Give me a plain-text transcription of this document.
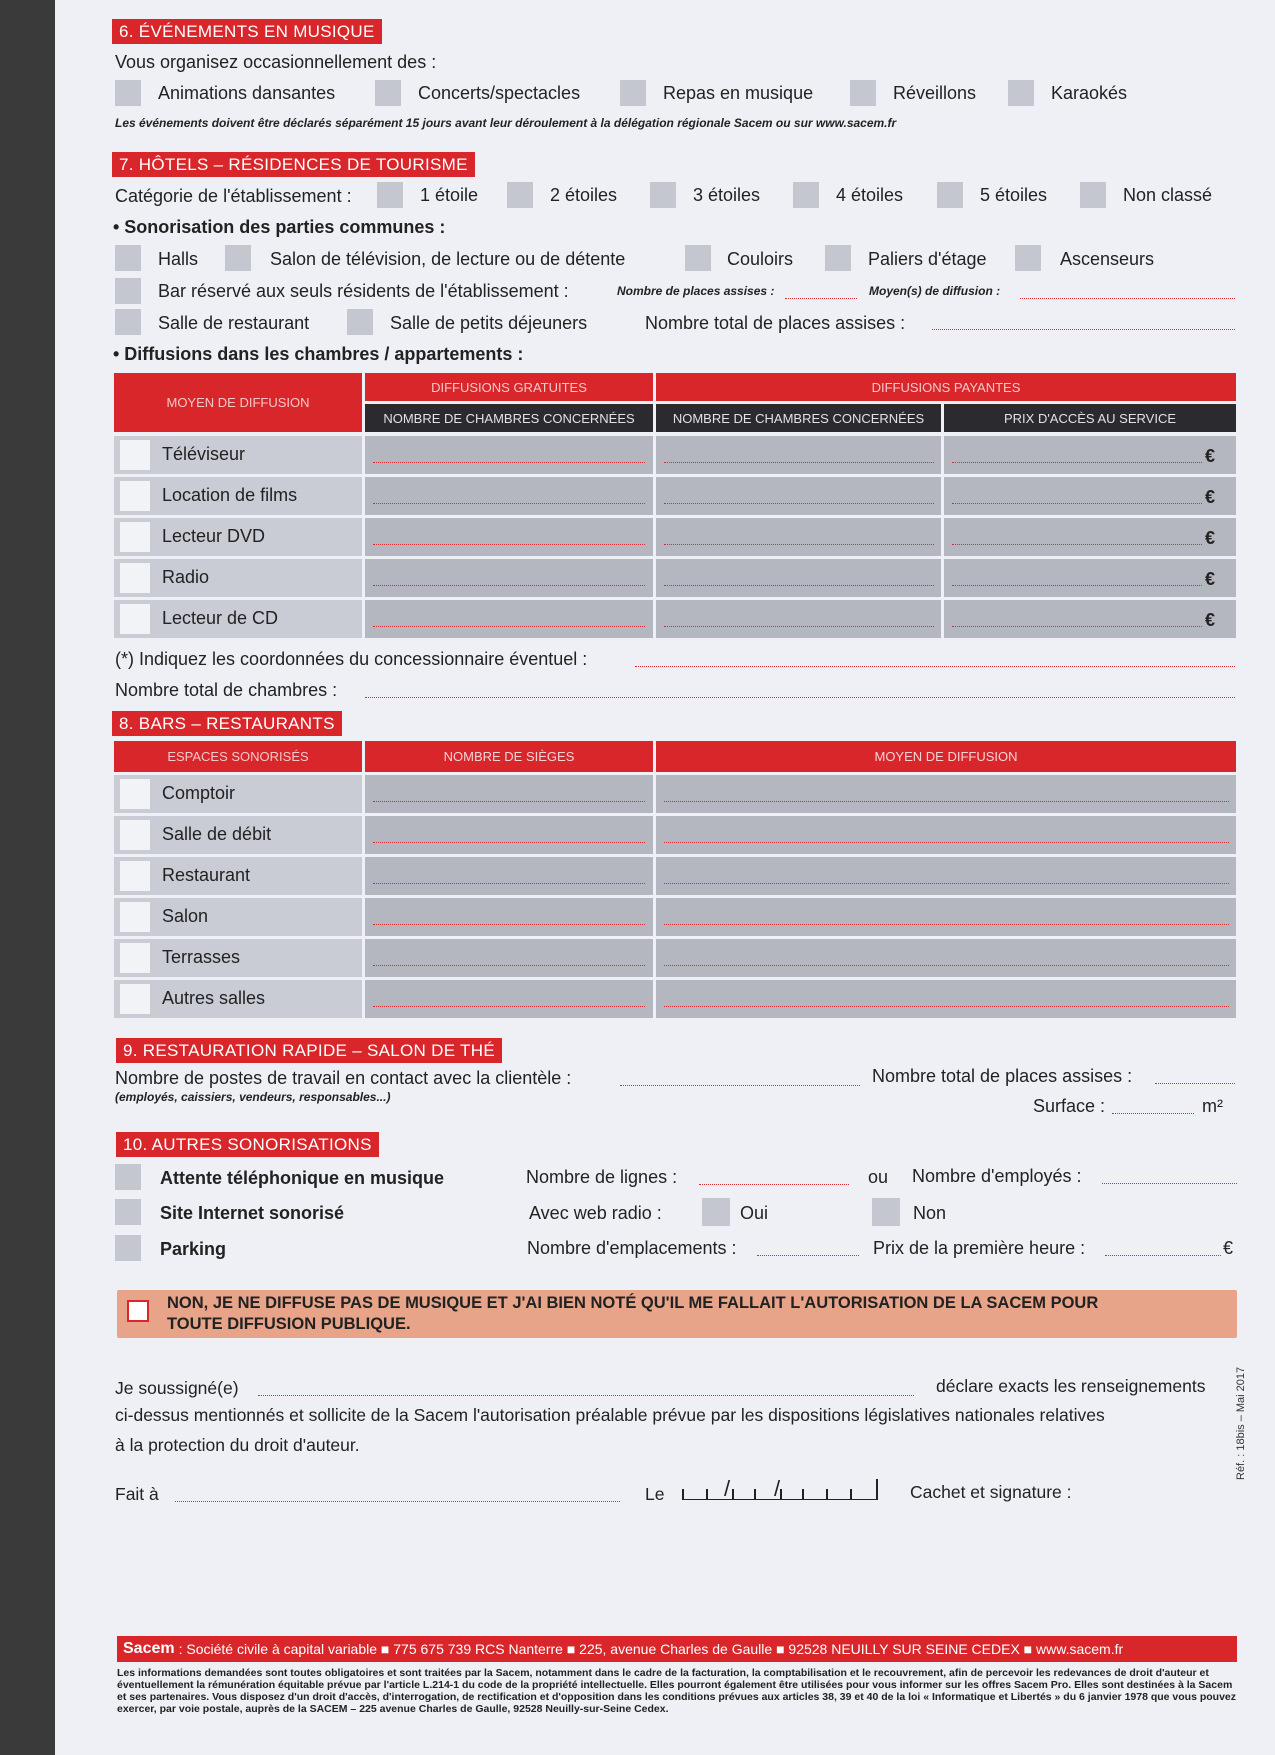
6. ÉVÉNEMENTS EN MUSIQUE
Vous organisez occasionnellement des :
Animations dansantes	Concerts/spectacles	Repas en musique	Réveillons	Karaokés
Les événements doivent être déclarés séparément 15 jours avant leur déroulement à la délégation régionale Sacem ou sur www.sacem.fr
7. HÔTELS – RÉSIDENCES DE TOURISME
Catégorie de l'établissement :	1 étoile	2 étoiles	3 étoiles	4 étoiles	5 étoiles	Non classé
• Sonorisation des parties communes :
Halls	Salon de télévision, de lecture ou de détente	Couloirs	Paliers d'étage	Ascenseurs
Bar réservé aux seuls résidents de l'établissement :	Nombre de places assises :	Moyen(s) de diffusion :
Salle de restaurant	Salle de petits déjeuners	Nombre total de places assises :
• Diffusions dans les chambres / appartements :
MOYEN DE DIFFUSION
DIFFUSIONS GRATUITES	DIFFUSIONS PAYANTES
NOMBRE DE CHAMBRES CONCERNÉES	NOMBRE DE CHAMBRES CONCERNÉES	PRIX D'ACCÈS AU SERVICE
Téléviseur	€
Location de films	€
Lecteur DVD	€
Radio	€
Lecteur de CD	€
(*) Indiquez les coordonnées du concessionnaire éventuel :
Nombre total de chambres :
8. BARS – RESTAURANTS
ESPACES SONORISÉS	NOMBRE DE SIÈGES	MOYEN DE DIFFUSION
Comptoir
Salle de débit
Restaurant
Salon
Terrasses
Autres salles
9. RESTAURATION RAPIDE – SALON DE THÉ
Nombre de postes de travail en contact avec la clientèle :
(employés, caissiers, vendeurs, responsables...)
Nombre total de places assises :
Surface :	m²
10. AUTRES SONORISATIONS
Attente téléphonique en musique	Nombre de lignes :	ou Nombre d'employés :
Site Internet sonorisé	Avec web radio :	Oui	Non
Parking	Nombre d'emplacements :	Prix de la première heure :	€
NON, JE NE DIFFUSE PAS DE MUSIQUE ET J'AI BIEN NOTÉ QU'IL ME FALLAIT L'AUTORISATION DE LA SACEM POUR
TOUTE DIFFUSION PUBLIQUE.
Je soussigné(e)	déclare exacts les renseignements
ci-dessus mentionnés et sollicite de la Sacem l'autorisation préalable prévue par les dispositions législatives nationales relatives
à la protection du droit d'auteur.
Fait à	Le	/ /	Cachet et signature :
Réf. : 18bis – Mai 2017
Sacem : Société civile à capital variable ■ 775 675 739 RCS Nanterre ■ 225, avenue Charles de Gaulle ■ 92528 NEUILLY SUR SEINE CEDEX ■ www.sacem.fr
Les informations demandées sont toutes obligatoires et sont traitées par la Sacem, notamment dans le cadre de la facturation, la comptabilisation et le recouvrement, afin de percevoir les redevances de droit d'auteur et éventuellement la rémunération équitable prévue par l'article L.214-1 du code de la propriété intellectuelle. Elles pourront également être utilisées pour vous informer sur les offres Sacem Pro. Elles sont destinées à la Sacem et ses partenaires. Vous disposez d'un droit d'accès, d'interrogation, de rectification et d'opposition dans les conditions prévues aux articles 38, 39 et 40 de la loi « Informatique et Libertés » du 6 janvier 1978 que vous pouvez exercer, par voie postale, auprès de la SACEM – 225 avenue Charles de Gaulle, 92528 Neuilly-sur-Seine Cedex.
